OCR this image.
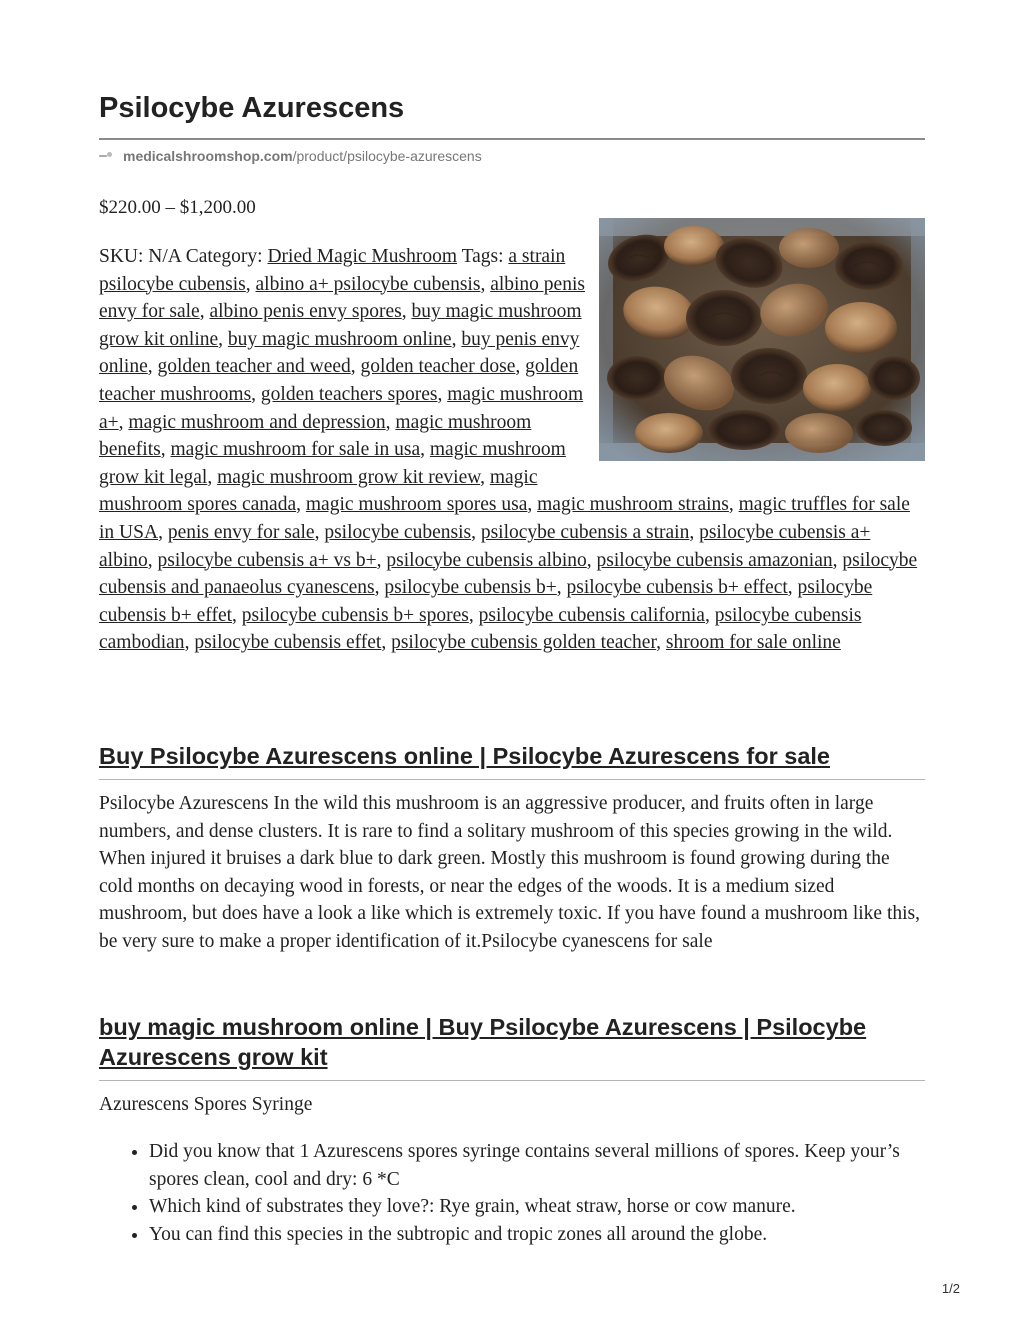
Psilocybe Azurescens
medicalshroomshop.com /product/psilocybe-azurescens
$220.00 – $1,200.00
SKU: N/A Category: Dried Magic Mushroom Tags: a strain psilocybe cubensis, albino a+ psilocybe cubensis, albino penis envy for sale, albino penis envy spores, buy magic mushroom grow kit online, buy magic mushroom online, buy penis envy online, golden teacher and weed, golden teacher dose, golden teacher mushrooms, golden teachers spores, magic mushroom a+, magic mushroom and depression, magic mushroom benefits, magic mushroom for sale in usa, magic mushroom grow kit legal, magic mushroom grow kit review, magic mushroom spores canada, magic mushroom spores usa, magic mushroom strains, magic truffles for sale in USA, penis envy for sale, psilocybe cubensis, psilocybe cubensis a strain, psilocybe cubensis a+ albino, psilocybe cubensis a+ vs b+, psilocybe cubensis albino, psilocybe cubensis amazonian, psilocybe cubensis and panaeolus cyanescens, psilocybe cubensis b+, psilocybe cubensis b+ effect, psilocybe cubensis b+ effet, psilocybe cubensis b+ spores, psilocybe cubensis california, psilocybe cubensis cambodian, psilocybe cubensis effet, psilocybe cubensis golden teacher, shroom for sale online
Buy Psilocybe Azurescens online | Psilocybe Azurescens for sale

Psilocybe Azurescens In the wild this mushroom is an aggressive producer, and fruits often in large numbers, and dense clusters. It is rare to find a solitary mushroom of this species growing in the wild. When injured it bruises a dark blue to dark green. Mostly this mushroom is found growing during the cold months on decaying wood in forests, or near the edges of the woods. It is a medium sized mushroom, but does have a look a like which is extremely toxic. If you have found a mushroom like this, be very sure to make a proper identification of it.Psilocybe cyanescens for sale

buy magic mushroom online | Buy Psilocybe Azurescens | Psilocybe Azurescens grow kit

Azurescens Spores Syringe

• Did you know that 1 Azurescens spores syringe contains several millions of spores. Keep your’s spores clean, cool and dry: 6 *C
• Which kind of substrates they love?: Rye grain, wheat straw, horse or cow manure.
• You can find this species in the subtropic and tropic zones all around the globe.
1/2
